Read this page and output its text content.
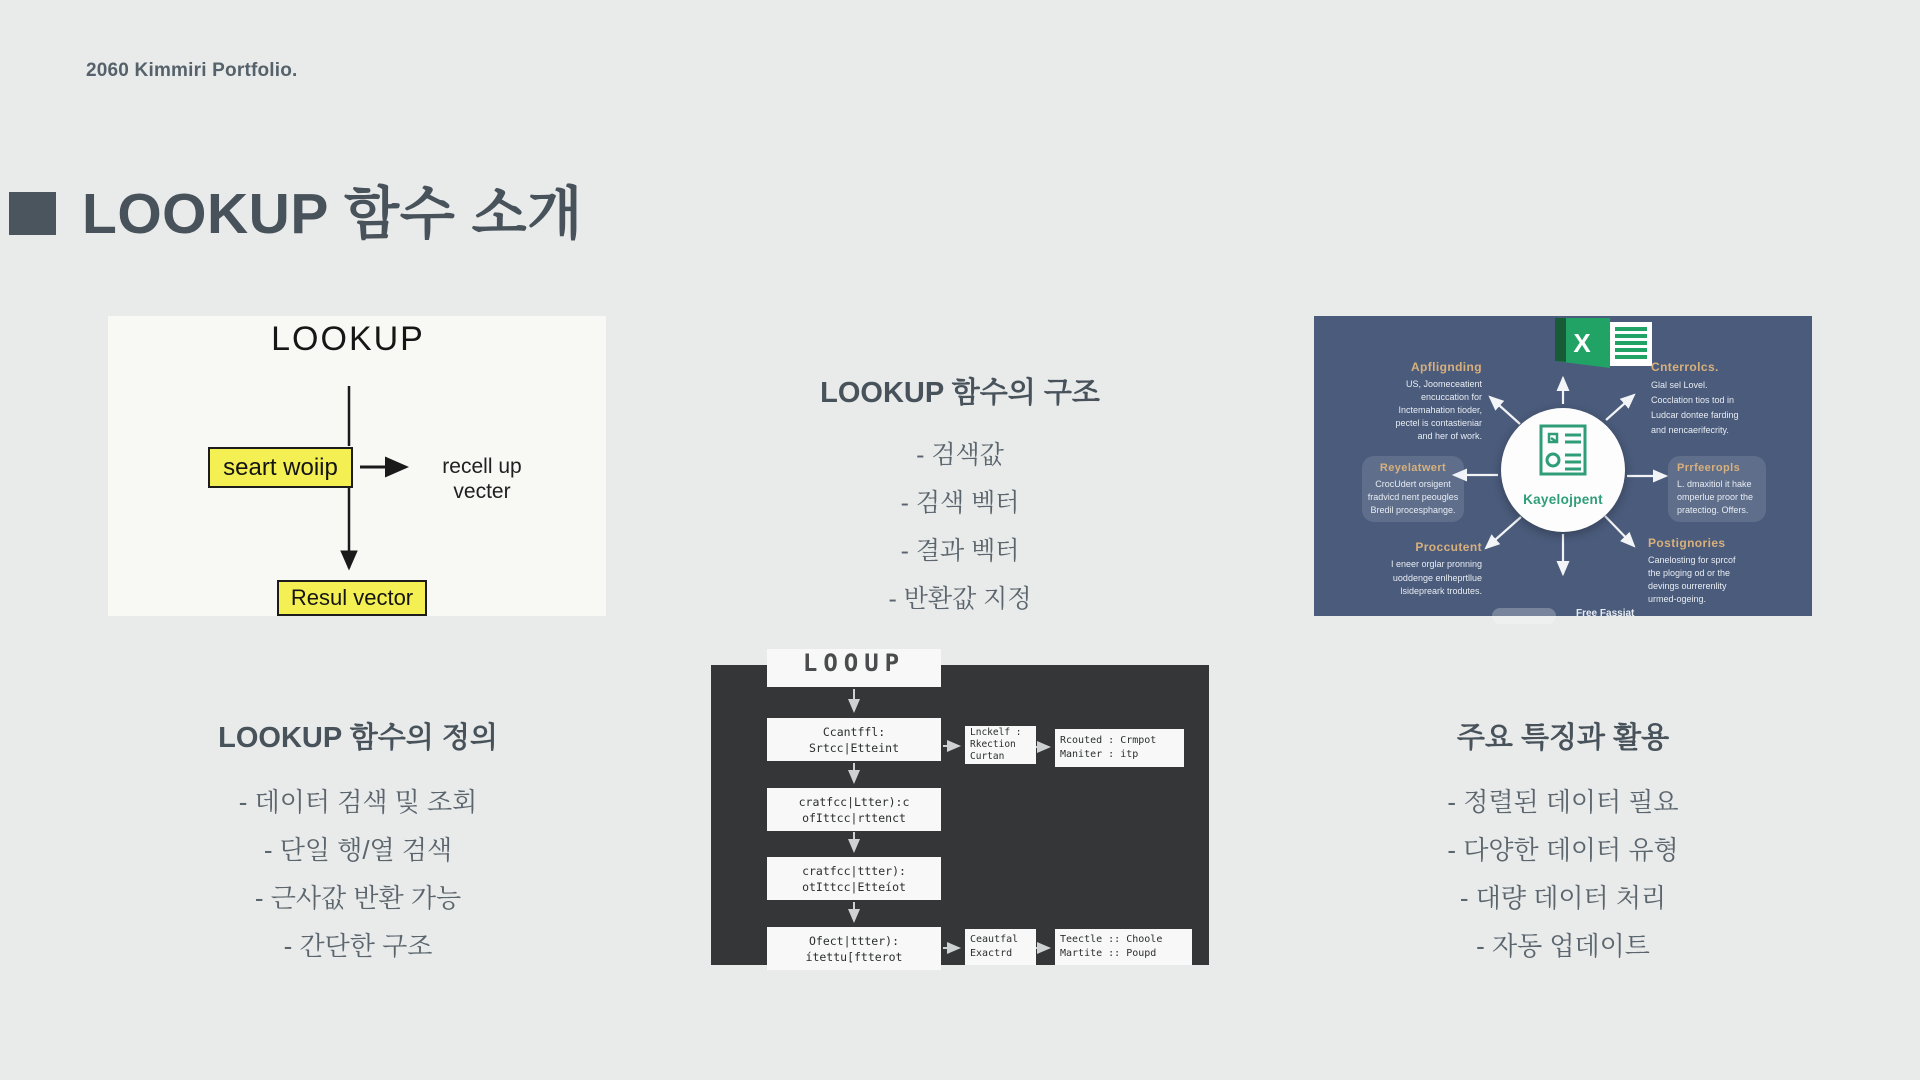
2060 Kimmiri Portfolio.
LOOKUP 함수 소개
LOOKUP
seart woiip	recell up
vecter
Resul vector
LOOKUP 함수의 구조
- 검색값
- 검색 벡터
- 결과 벡터
- 반환값 지정
LOOUP
Ccantffl:
Srtcc|Etteint
cratfcc|Ltter):c
ofIttcc|rttenct
cratfcc|ttter):
otIttcc|Etteíot
Ofect|ttter):
ítettu[ftterot
Lnckelf :
Rkection
Curtan
Rcouted : Crmpot
Maniter : itp
Ceautfal
Exactrd
Teectle :: Choole
Martite :: Poupd
X
Kayelojpent
Apflignding
US, Joomeceatient
encuccation for
Inctemahation tioder,
pectel is contastieniar
and her of work.
Cnterrolcs.
Glal sel Lovel.
Cocclation tios tod in
Ludcar dontee farding
and nencaerifecrity.
Reyelatwert
CrocUdert orsigent
fradvicd nent peougles
Bredil procesphange.
Prrfeeropls
L. dmaxitiol it hake
omperlue proor the
pratectiog. Offers.
Proccutent
I eneer orglar pronning
uoddenge enlheprtllue
lsidepreark trodutes.
Postignories
Canelosting for sprcof
the ploging od or the
devings ourrerenlity
urmed-ogeing.
Free Fassiat
LOOKUP 함수의 정의
- 데이터 검색 및 조회
- 단일 행/열 검색
- 근사값 반환 가능
- 간단한 구조
주요 특징과 활용
- 정렬된 데이터 필요
- 다양한 데이터 유형
- 대량 데이터 처리
- 자동 업데이트
